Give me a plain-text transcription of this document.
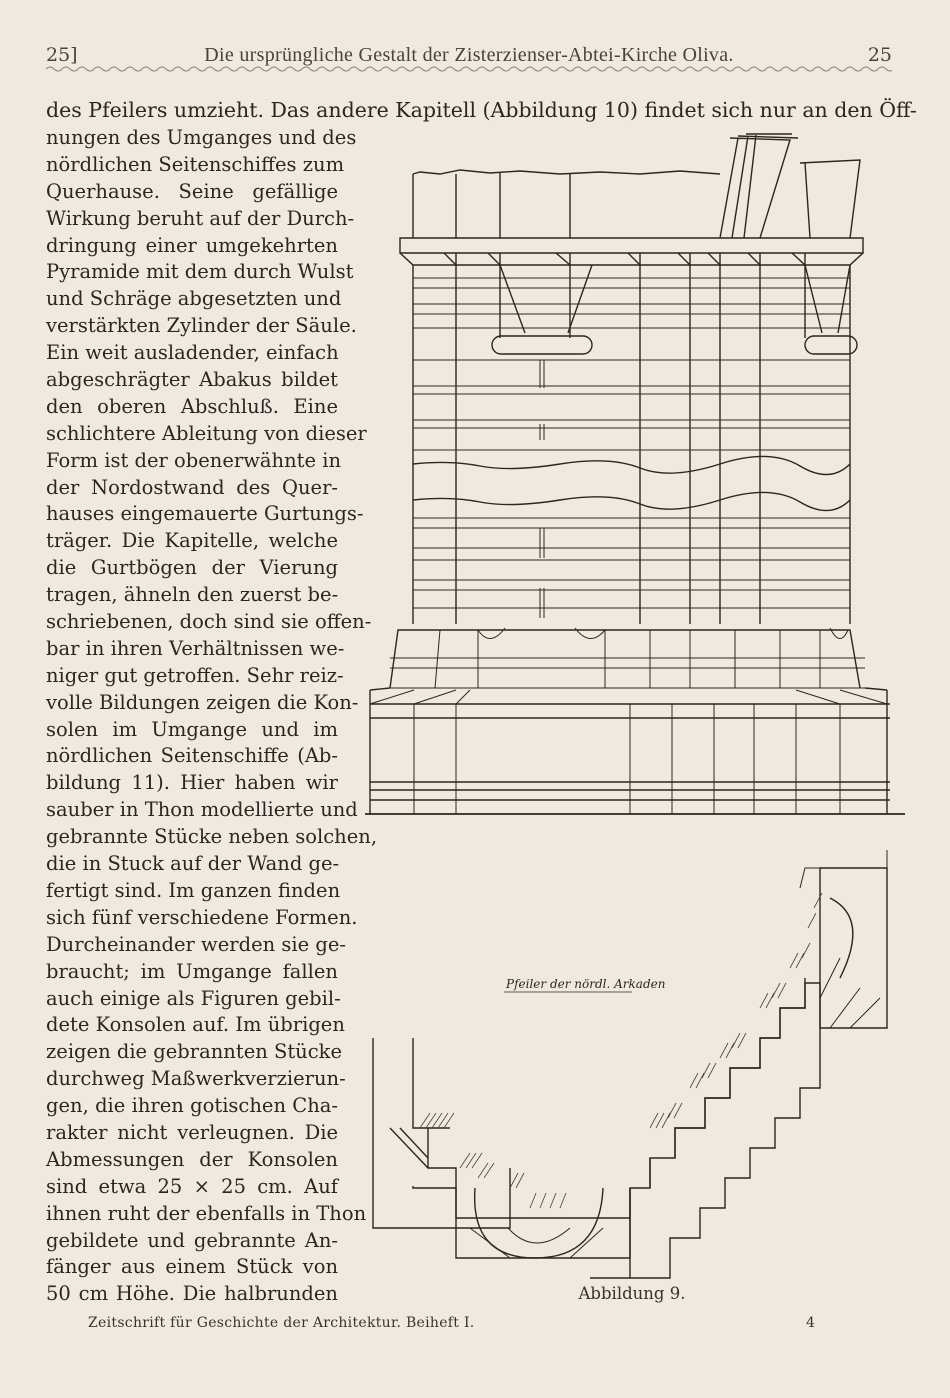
25]	Die ursprüngliche Gestalt der Zisterzienser-Abtei-Kirche Oliva.	25
des Pfeilers umzieht. Das andere Kapitell (Abbildung 10) findet sich nur an den Öff-
nungen des Umganges und des
nördlichen Seitenschiffes zum
Querhause. Seine gefällige
Wirkung beruht auf der Durch-
dringung einer umgekehrten
Pyramide mit dem durch Wulst
und Schräge abgesetzten und
verstärkten Zylinder der Säule.
Ein weit ausladender, einfach
abgeschrägter Abakus bildet
den oberen Abschluß. Eine
schlichtere Ableitung von dieser
Form ist der obenerwähnte in
der Nordostwand des Quer-
hauses eingemauerte Gurtungs-
träger. Die Kapitelle, welche
die Gurtbögen der Vierung
tragen, ähneln den zuerst be-
schriebenen, doch sind sie offen-
bar in ihren Verhältnissen we-
niger gut getroffen. Sehr reiz-
volle Bildungen zeigen die Kon-
solen im Umgange und im
nördlichen Seitenschiffe (Ab-
bildung 11). Hier haben wir
sauber in Thon modellierte und
gebrannte Stücke neben solchen,
die in Stuck auf der Wand ge-
fertigt sind. Im ganzen finden
sich fünf verschiedene Formen.
Durcheinander werden sie ge-
braucht; im Umgange fallen
auch einige als Figuren gebil-
dete Konsolen auf. Im übrigen
zeigen die gebrannten Stücke
durchweg Maßwerkverzierun-
gen, die ihren gotischen Cha-
rakter nicht verleugnen. Die
Abmessungen der Konsolen
sind etwa 25 × 25 cm. Auf
ihnen ruht der ebenfalls in Thon
gebildete und gebrannte An-
fänger aus einem Stück von
50 cm Höhe. Die halbrunden
Pfeiler der nördl. Arkaden
Abbildung 9.
Zeitschrift für Geschichte der Architektur. Beiheft I.	4
